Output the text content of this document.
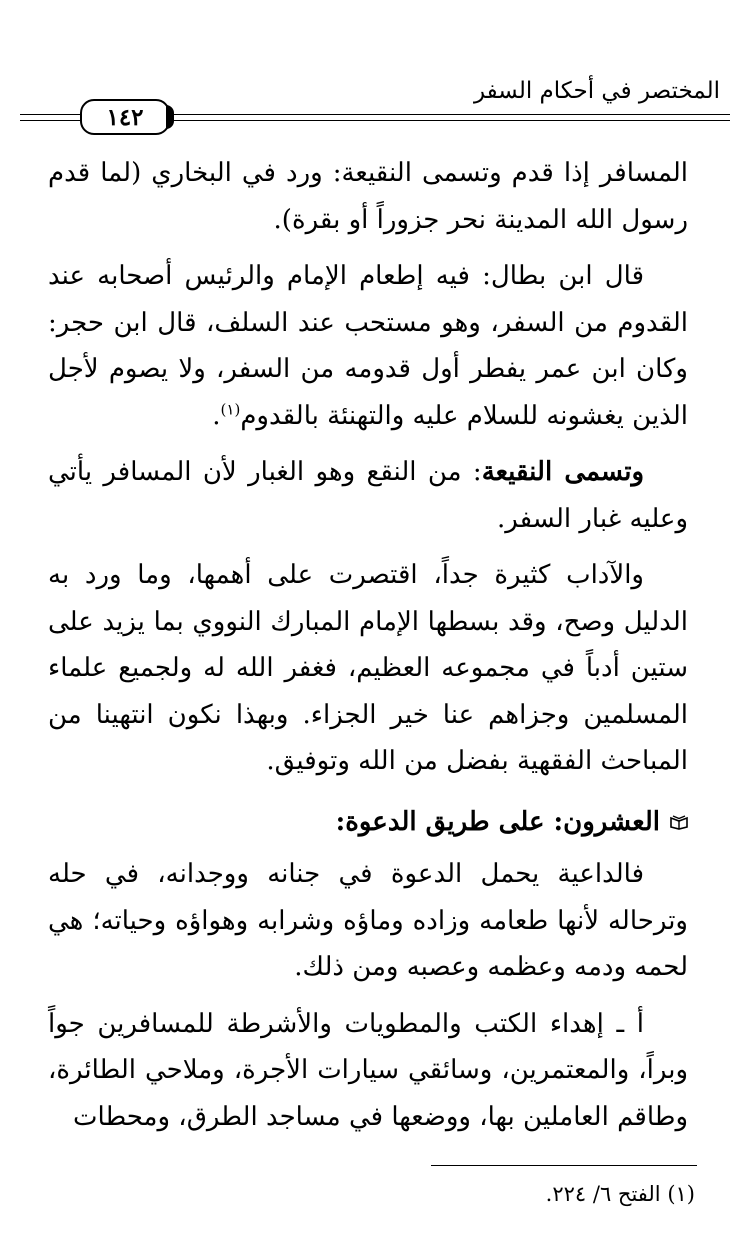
المختصر في أحكام السفر
١٤٢

المسافر إذا قدم وتسمى النقيعة: ورد في البخاري (لما قدم رسول الله المدينة نحر جزوراً أو بقرة).

قال ابن بطال: فيه إطعام الإمام والرئيس أصحابه عند القدوم من السفر، وهو مستحب عند السلف، قال ابن حجر: وكان ابن عمر يفطر أول قدومه من السفر، ولا يصوم لأجل الذين يغشونه للسلام عليه والتهنئة بالقدوم$^{(١)}$.

وتسمى النقيعة: من النقع وهو الغبار لأن المسافر يأتي وعليه غبار السفر.

والآداب كثيرة جداً، اقتصرت على أهمها، وما ورد به الدليل وصح، وقد بسطها الإمام المبارك النووي بما يزيد على ستين أدباً في مجموعه العظيم، فغفر الله له ولجميع علماء المسلمين وجزاهم عنا خير الجزاء. وبهذا نكون انتهينا من المباحث الفقهية بفضل من الله وتوفيق.

العشرون: على طريق الدعوة:

فالداعية يحمل الدعوة في جنانه ووجدانه، في حله وترحاله لأنها طعامه وزاده وماؤه وشرابه وهواؤه وحياته؛ هي لحمه ودمه وعظمه وعصبه ومن ذلك.

أ ـ إهداء الكتب والمطويات والأشرطة للمسافرين جواً وبراً، والمعتمرين، وسائقي سيارات الأجرة، وملاحي الطائرة، وطاقم العاملين بها، ووضعها في مساجد الطرق، ومحطات

(١) الفتح ٦/ ٢٢٤.
